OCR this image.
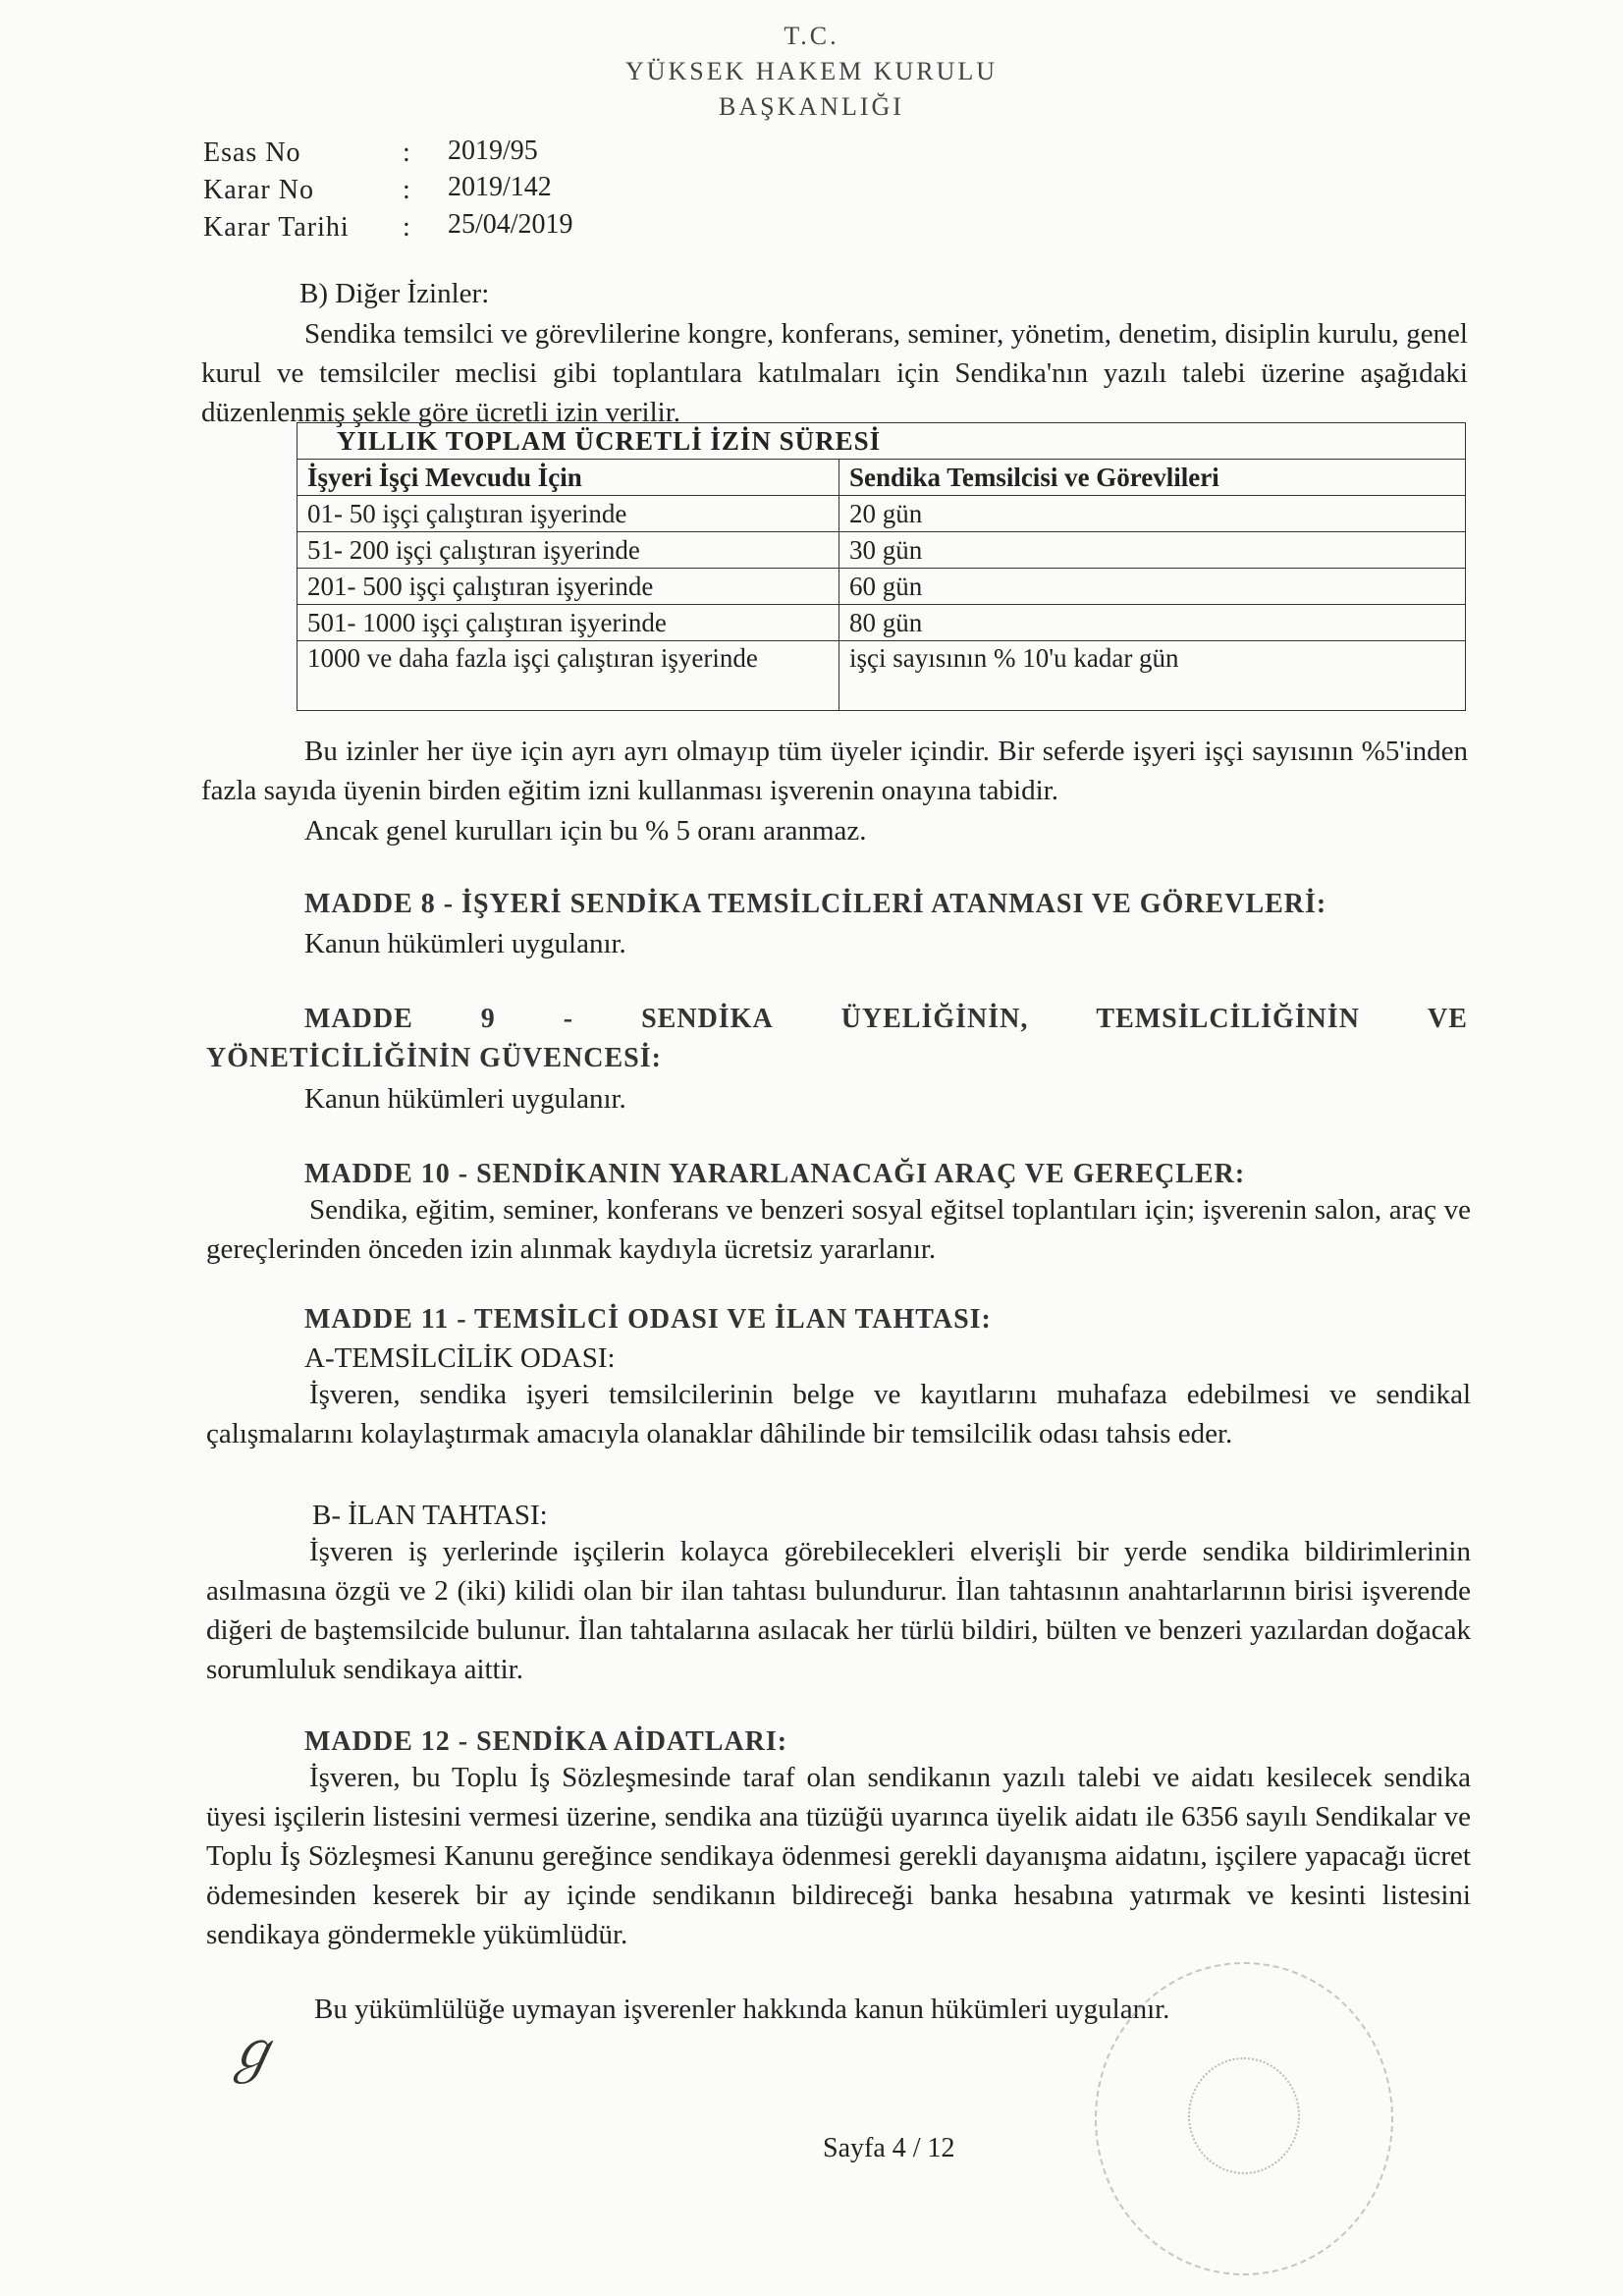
T.C.
YÜKSEK HAKEM KURULU
BAŞKANLIĞI
Esas No	: 2019/95
Karar No	: 2019/142
Karar Tarihi : 25/04/2019
B) Diğer İzinler:
Sendika temsilci ve görevlilerine kongre, konferans, seminer, yönetim, denetim, disiplin kurulu, genel kurul ve temsilciler meclisi gibi toplantılara katılmaları için Sendika'nın yazılı talebi üzerine aşağıdaki düzenlenmiş şekle göre ücretli izin verilir.
YILLIK TOPLAM ÜCRETLİ İZİN SÜRESİ	
İşyeri İşçi Mevcudu İçin	Sendika Temsilcisi ve Görevlileri
01- 50 işçi çalıştıran işyerinde	20 gün
51- 200 işçi çalıştıran işyerinde	30 gün
201- 500 işçi çalıştıran işyerinde	60 gün
501- 1000 işçi çalıştıran işyerinde	80 gün
1000 ve daha fazla işçi çalıştıran işyerinde	işçi sayısının % 10'u kadar gün
Bu izinler her üye için ayrı ayrı olmayıp tüm üyeler içindir. Bir seferde işyeri işçi sayısının %5'inden fazla sayıda üyenin birden eğitim izni kullanması işverenin onayına tabidir.
Ancak genel kurulları için bu % 5 oranı aranmaz.
MADDE 8 - İŞYERİ SENDİKA TEMSİLCİLERİ ATANMASI VE GÖREVLERİ:
Kanun hükümleri uygulanır.
MADDE 9 - SENDİKA ÜYELİĞİNİN, TEMSİLCİLİĞİNİN VE
YÖNETİCİLİĞİNİN GÜVENCESİ:
Kanun hükümleri uygulanır.
MADDE 10 - SENDİKANIN YARARLANACAĞI ARAÇ VE GEREÇLER:
Sendika, eğitim, seminer, konferans ve benzeri sosyal eğitsel toplantıları için; işverenin salon, araç ve gereçlerinden önceden izin alınmak kaydıyla ücretsiz yararlanır.
MADDE 11 - TEMSİLCİ ODASI VE İLAN TAHTASI:
A-TEMSİLCİLİK ODASI:
İşveren, sendika işyeri temsilcilerinin belge ve kayıtlarını muhafaza edebilmesi ve sendikal çalışmalarını kolaylaştırmak amacıyla olanaklar dâhilinde bir temsilcilik odası tahsis eder.
B- İLAN TAHTASI:
İşveren iş yerlerinde işçilerin kolayca görebilecekleri elverişli bir yerde sendika bildirimlerinin asılmasına özgü ve 2 (iki) kilidi olan bir ilan tahtası bulundurur. İlan tahtasının anahtarlarının birisi işverende diğeri de baştemsilcide bulunur. İlan tahtalarına asılacak her türlü bildiri, bülten ve benzeri yazılardan doğacak sorumluluk sendikaya aittir.
MADDE 12 - SENDİKA AİDATLARI:
İşveren, bu Toplu İş Sözleşmesinde taraf olan sendikanın yazılı talebi ve aidatı kesilecek sendika üyesi işçilerin listesini vermesi üzerine, sendika ana tüzüğü uyarınca üyelik aidatı ile 6356 sayılı Sendikalar ve Toplu İş Sözleşmesi Kanunu gereğince sendikaya ödenmesi gerekli dayanışma aidatını, işçilere yapacağı ücret ödemesinden keserek bir ay içinde sendikanın bildireceği banka hesabına yatırmak ve kesinti listesini sendikaya göndermekle yükümlüdür.
Bu yükümlülüğe uymayan işverenler hakkında kanun hükümleri uygulanır.
ℊ
Sayfa 4 / 12
